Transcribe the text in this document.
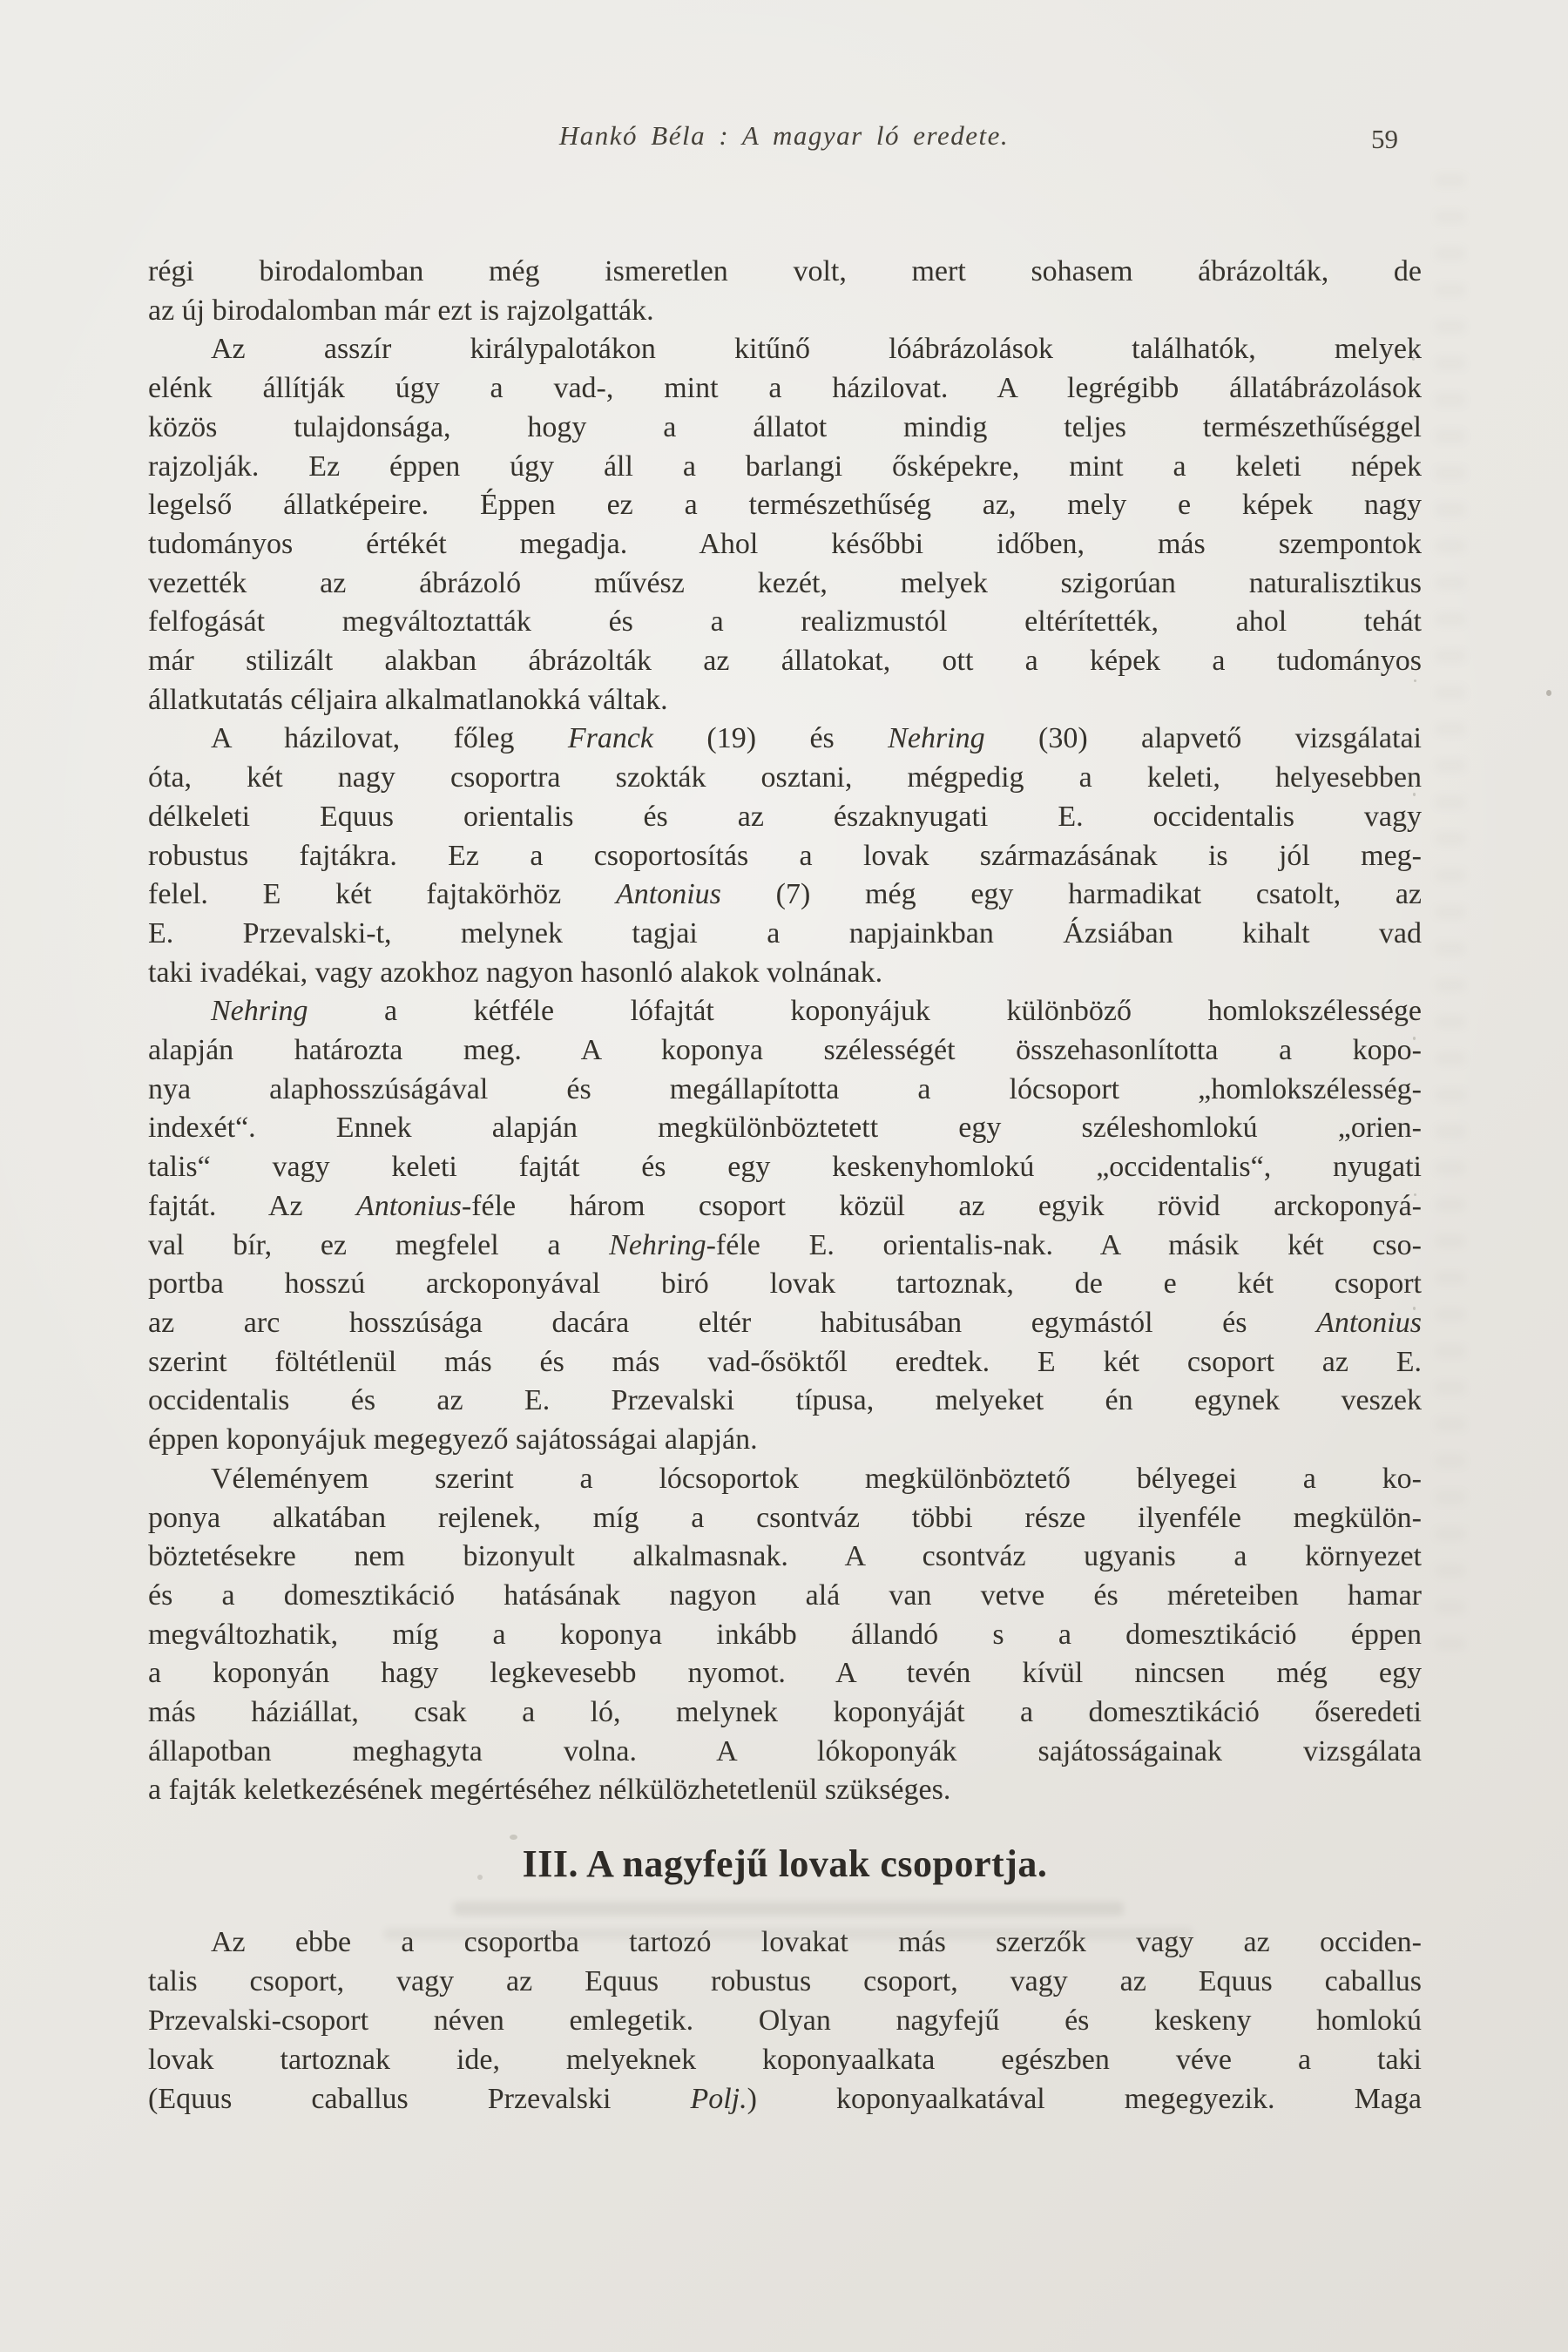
Hankó Béla : A magyar ló eredete.	59
régi birodalomban még ismeretlen volt, mert sohasem ábrázolták, de
az új birodalomban már ezt is rajzolgatták.
Az asszír királypalotákon kitűnő lóábrázolások találhatók, melyek
elénk állítják úgy a vad-, mint a házilovat. A legrégibb állatábrázolások
közös tulajdonsága, hogy a állatot mindig teljes természethűséggel
rajzolják. Ez éppen úgy áll a barlangi ősképekre, mint a keleti népek
legelső állatképeire. Éppen ez a természethűség az, mely e képek nagy
tudományos értékét megadja. Ahol későbbi időben, más szempontok
vezették az ábrázoló művész kezét, melyek szigorúan naturalisztikus
felfogását megváltoztatták és a realizmustól eltérítették, ahol tehát
már stilizált alakban ábrázolták az állatokat, ott a képek a tudományos
állatkutatás céljaira alkalmatlanokká váltak.
A házilovat, főleg Franck (19) és Nehring (30) alapvető vizsgálatai
óta, két nagy csoportra szokták osztani, mégpedig a keleti, helyesebben
délkeleti Equus orientalis és az északnyugati E. occidentalis vagy
robustus fajtákra. Ez a csoportosítás a lovak származásának is jól meg-
felel. E két fajtakörhöz Antonius (7) még egy harmadikat csatolt, az
E. Przevalski-t, melynek tagjai a napjainkban Ázsiában kihalt vad
taki ivadékai, vagy azokhoz nagyon hasonló alakok volnának.
Nehring a kétféle lófajtát koponyájuk különböző homlokszélessége
alapján határozta meg. A koponya szélességét összehasonlította a kopo-
nya alaphosszúságával és megállapította a lócsoport „homlokszélesség-
indexét“. Ennek alapján megkülönböztetett egy széleshomlokú „orien-
talis“ vagy keleti fajtát és egy keskenyhomlokú „occidentalis“, nyugati
fajtát. Az Antonius-féle három csoport közül az egyik rövid arckoponyá-
val bír, ez megfelel a Nehring-féle E. orientalis-nak. A másik két cso-
portba hosszú arckoponyával biró lovak tartoznak, de e két csoport
az arc hosszúsága dacára eltér habitusában egymástól és Antonius
szerint föltétlenül más és más vad-ősöktől eredtek. E két csoport az E.
occidentalis és az E. Przevalski típusa, melyeket én egynek veszek
éppen koponyájuk megegyező sajátosságai alapján.
Véleményem szerint a lócsoportok megkülönböztető bélyegei a ko-
ponya alkatában rejlenek, míg a csontváz többi része ilyenféle megkülön-
böztetésekre nem bizonyult alkalmasnak. A csontváz ugyanis a környezet
és a domesztikáció hatásának nagyon alá van vetve és méreteiben hamar
megváltozhatik, míg a koponya inkább állandó s a domesztikáció éppen
a koponyán hagy legkevesebb nyomot. A tevén kívül nincsen még egy
más háziállat, csak a ló, melynek koponyáját a domesztikáció őseredeti
állapotban meghagyta volna. A lókoponyák sajátosságainak vizsgálata
a fajták keletkezésének megértéséhez nélkülözhetetlenül szükséges.
III. A nagyfejű lovak csoportja.
Az ebbe a csoportba tartozó lovakat más szerzők vagy az occiden-
talis csoport, vagy az Equus robustus csoport, vagy az Equus caballus
Przevalski-csoport néven emlegetik. Olyan nagyfejű és keskeny homlokú
lovak tartoznak ide, melyeknek koponyaalkata egészben véve a taki
(Equus caballus Przevalski Polj.) koponyaalkatával megegyezik. Maga
